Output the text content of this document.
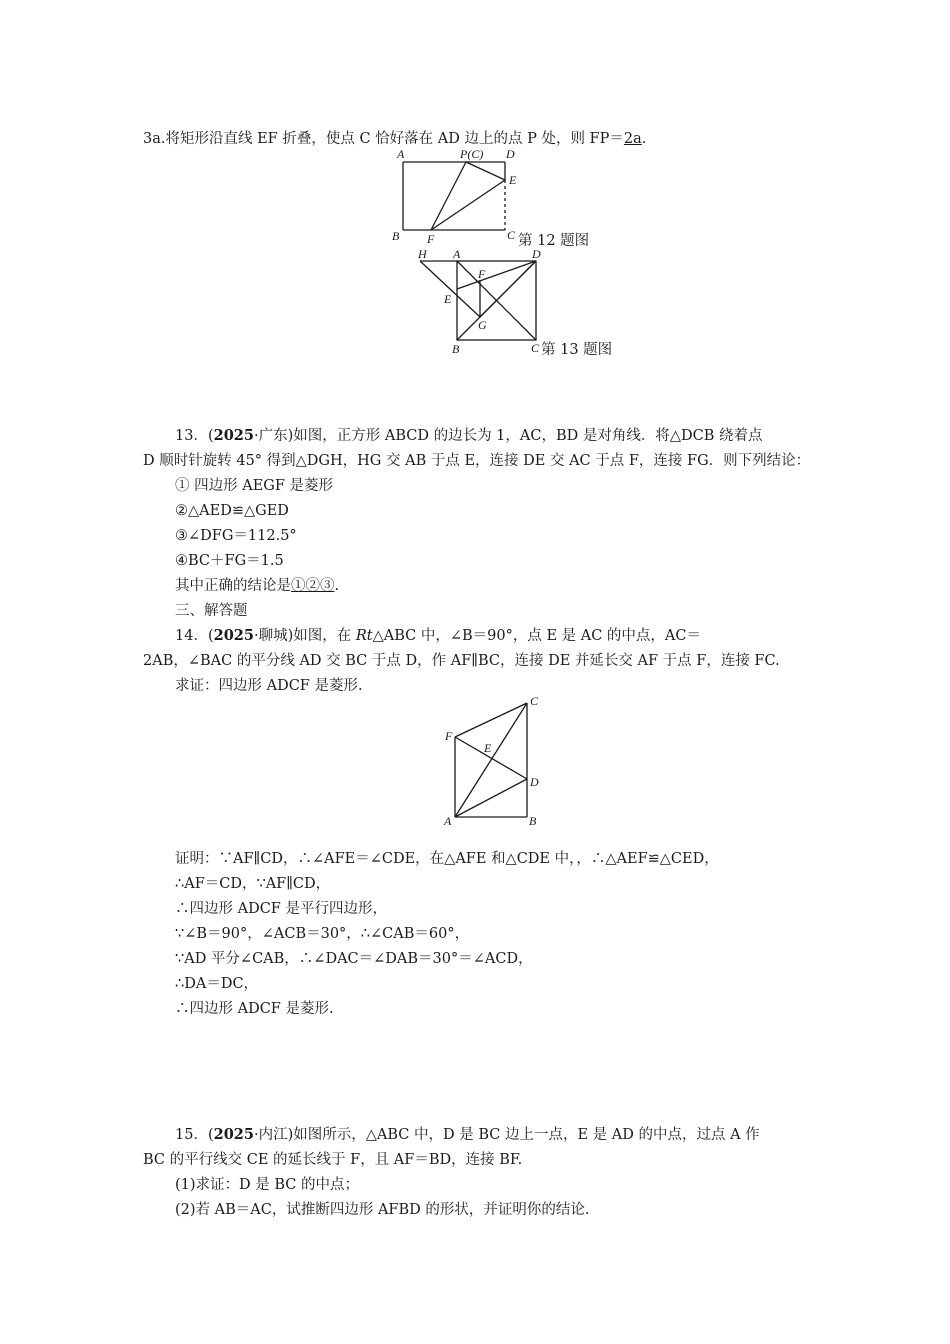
3a.将矩形沿直线 EF 折叠，使点 C 恰好落在 AD 边上的点 P 处，则 FP＝2a.
A	P(C) D
E
B F	C 第 12 题图
H A	D
F
E
G
B	C 第 13 题图
13．(2025·广东)如图，正方形 ABCD 的边长为 1，AC，BD 是对角线．将△DCB 绕着点
D 顺时针旋转 45° 得到△DGH，HG 交 AB 于点 E，连接 DE 交 AC 于点 F，连接 FG．则下列结论：
① 四边形 AEGF 是菱形
②△AED≌△GED
③∠DFG＝112.5°
④BC＋FG＝1.5
其中正确的结论是①②③.
三、解答题
14．(2025·聊城)如图，在 Rt△ABC 中，∠B＝90°，点 E 是 AC 的中点，AC＝
2AB，∠BAC 的平分线 AD 交 BC 于点 D，作 AF∥BC，连接 DE 并延长交 AF 于点 F，连接 FC.
求证：四边形 ADCF 是菱形.
C
F
E
D
A	B
证明：∵AF∥CD，∴∠AFE＝∠CDE，在△AFE 和△CDE 中，，∴△AEF≌△CED，
∴AF＝CD，∵AF∥CD，
∴四边形 ADCF 是平行四边形，
∵∠B＝90°，∠ACB＝30°，∴∠CAB＝60°，
∵AD 平分∠CAB，∴∠DAC＝∠DAB＝30°＝∠ACD，
∴DA＝DC，
∴四边形 ADCF 是菱形.
15．(2025·内江)如图所示，△ABC 中，D 是 BC 边上一点，E 是 AD 的中点，过点 A 作
BC 的平行线交 CE 的延长线于 F，且 AF＝BD，连接 BF.
(1)求证：D 是 BC 的中点；
(2)若 AB＝AC，试推断四边形 AFBD 的形状，并证明你的结论.
